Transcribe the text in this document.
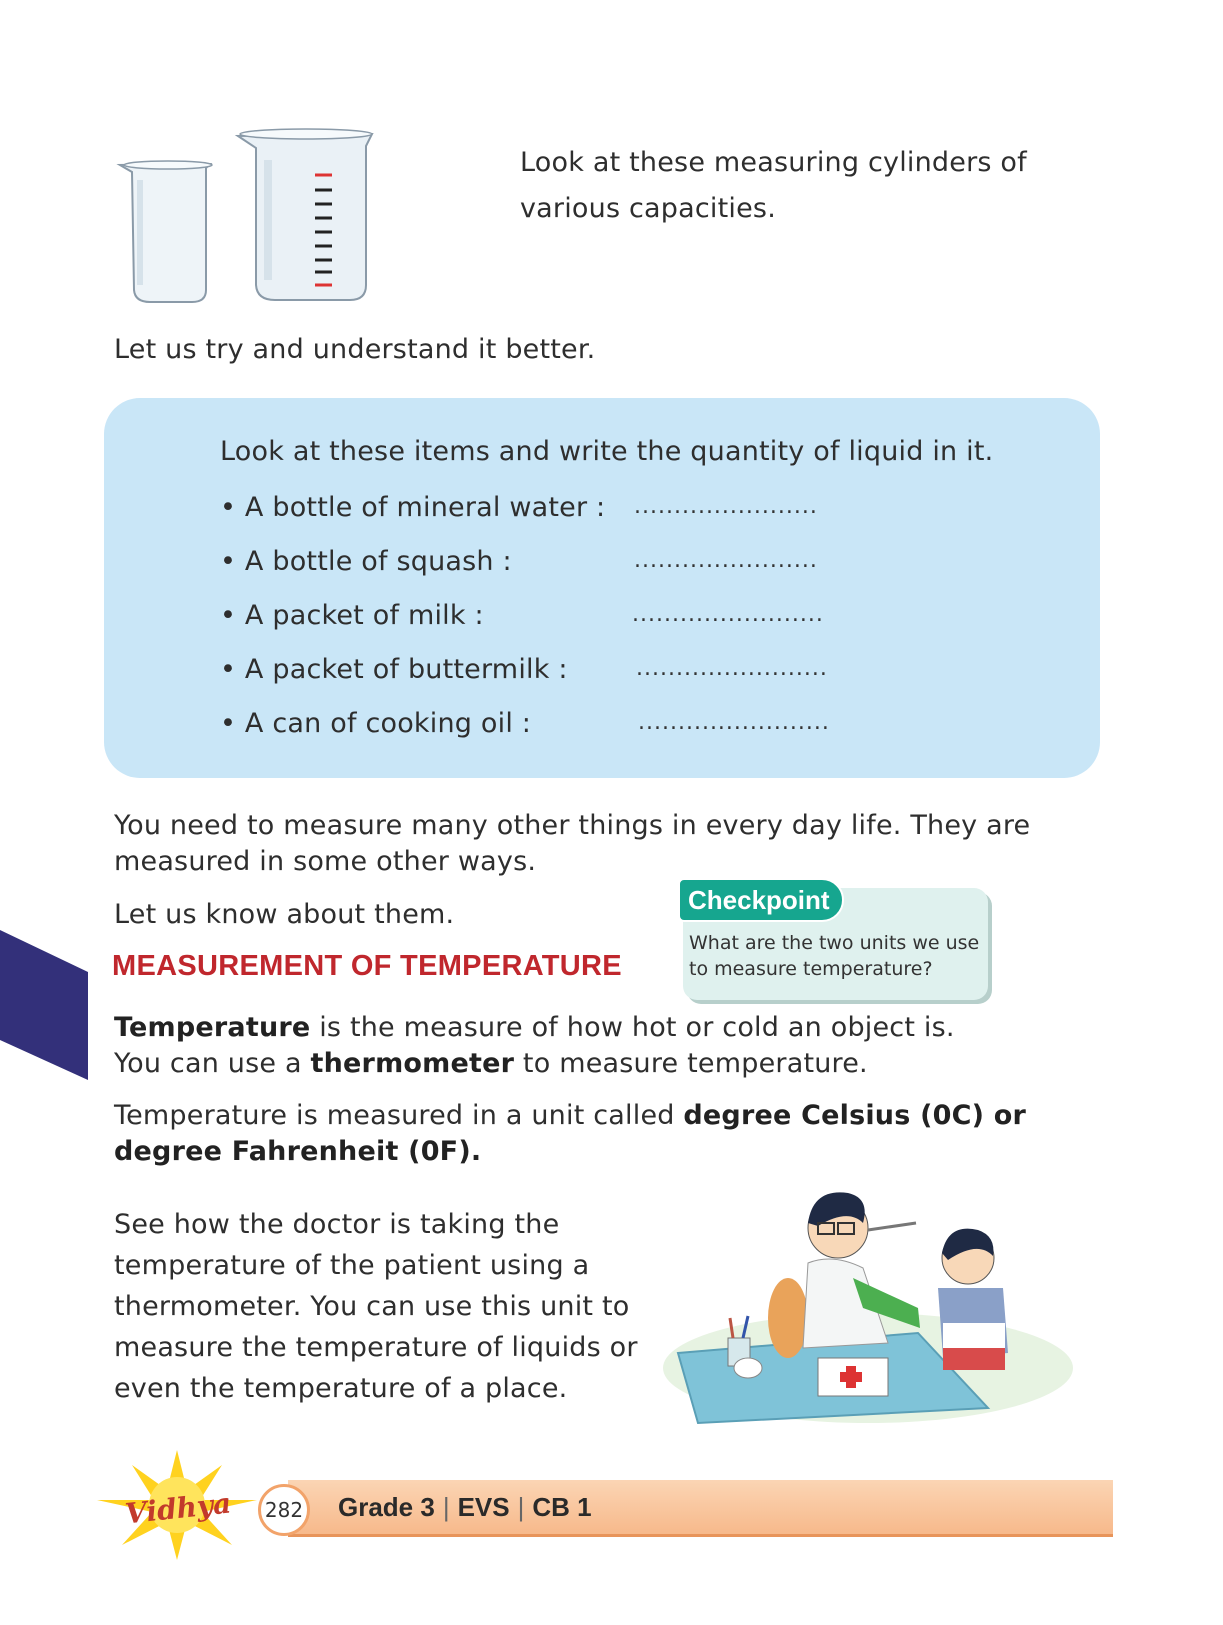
Look at these measuring cylinders of various capacities.
Let us try and understand it better.
Look at these items and write the quantity of liquid in it.
• A bottle of mineral water : .......................
• A bottle of squash :	.......................
• A packet of milk :	........................
• A packet of buttermilk :	........................
• A can of cooking oil :	........................
You need to measure many other things in every day life. They are measured in some other ways.
Let us know about them.
MEASUREMENT OF TEMPERATURE
Checkpoint
What are the two units we use to measure temperature?
Temperature is the measure of how hot or cold an object is.
You can use a thermometer to measure temperature.
Temperature is measured in a unit called degree Celsius (0C) or degree Fahrenheit (0F).
See how the doctor is taking the temperature of the patient using a thermometer. You can use this unit to measure the temperature of liquids or even the temperature of a place.
Vidhya	282 Grade 3 | EVS | CB 1
